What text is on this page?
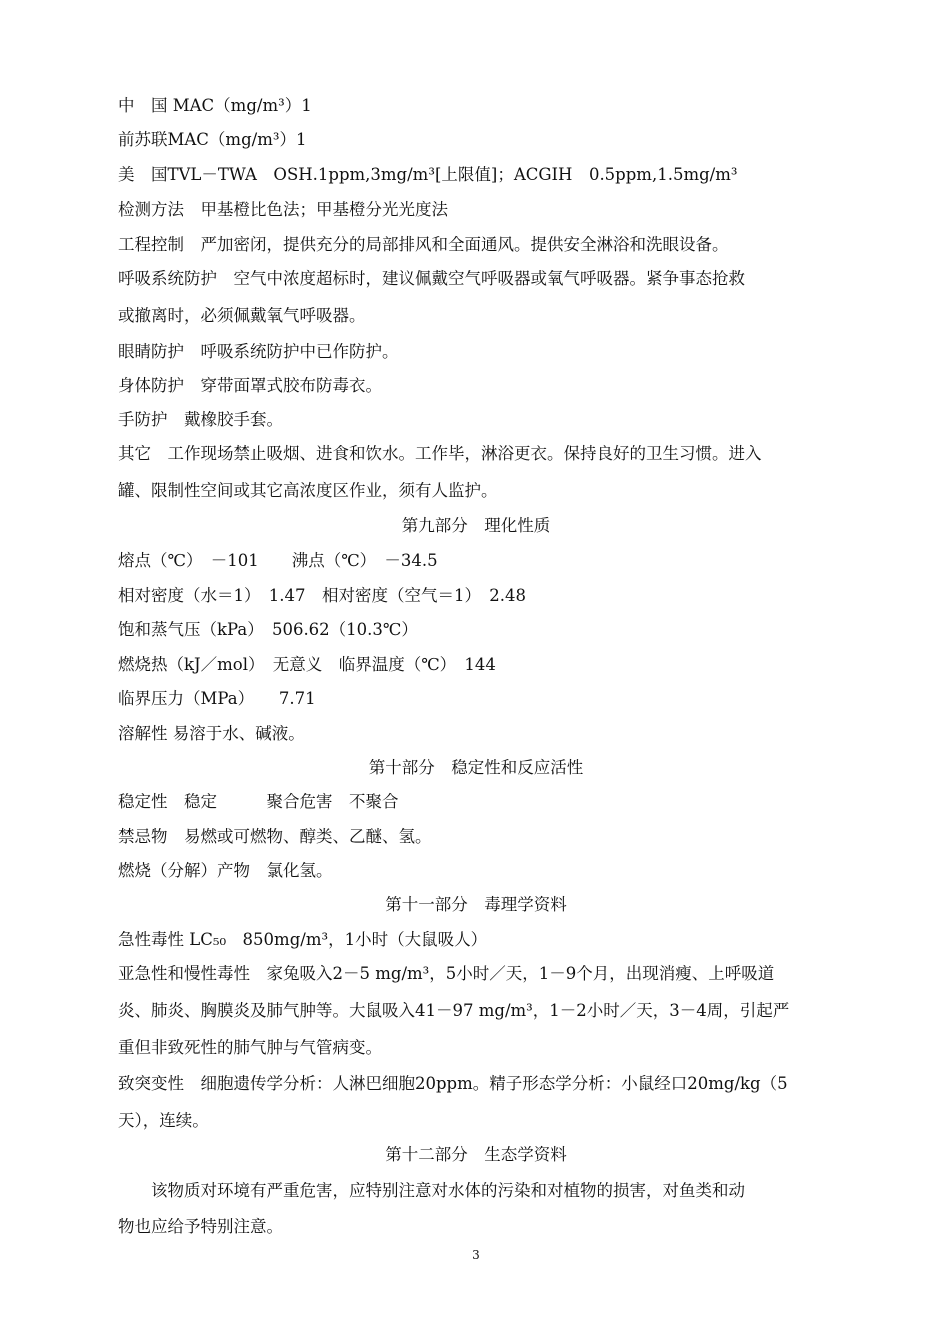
中　国 MAC（mg/m³）1
前苏联MAC（mg/m³）1
美　国TVL－TWA　OSH.1ppm,3mg/m³[上限值]；ACGIH　0.5ppm,1.5mg/m³
检测方法　甲基橙比色法；甲基橙分光光度法
工程控制　严加密闭，提供充分的局部排风和全面通风。提供安全淋浴和洗眼设备。
呼吸系统防护　空气中浓度超标时，建议佩戴空气呼吸器或氧气呼吸器。紧争事态抢救
或撤离时，必须佩戴氧气呼吸器。
眼睛防护　呼吸系统防护中已作防护。
身体防护　穿带面罩式胶布防毒衣。
手防护　戴橡胶手套。
其它　工作现场禁止吸烟、进食和饮水。工作毕，淋浴更衣。保持良好的卫生习惯。进入
罐、限制性空间或其它高浓度区作业，须有人监护。
第九部分　理化性质
熔点（℃）　－101　　沸点（℃）　－34.5
相对密度（水＝1）　1.47　相对密度（空气＝1）　2.48
饱和蒸气压（kPa）　506.62（10.3℃）
燃烧热（kJ／mol）　无意义　临界温度（℃）　144
临界压力（MPa）　　7.71
溶解性 易溶于水、碱液。
第十部分　稳定性和反应活性
稳定性　稳定　　　聚合危害　不聚合
禁忌物　易燃或可燃物、醇类、乙醚、氢。
燃烧（分解）产物　氯化氢。
第十一部分　毒理学资料
急性毒性 LC₅₀　850mg/m³，1小时（大鼠吸人）
亚急性和慢性毒性　家兔吸入2－5 mg/m³，5小时／天，1－9个月，出现消瘦、上呼吸道
炎、肺炎、胸膜炎及肺气肿等。大鼠吸入41－97 mg/m³，1－2小时／天，3－4周，引起严
重但非致死性的肺气肿与气管病变。
致突变性　细胞遗传学分析：人淋巴细胞20ppm。精子形态学分析：小鼠经口20mg/kg（5
天），连续。
第十二部分　生态学资料
　　该物质对环境有严重危害，应特别注意对水体的污染和对植物的损害，对鱼类和动
物也应给予特别注意。
3
